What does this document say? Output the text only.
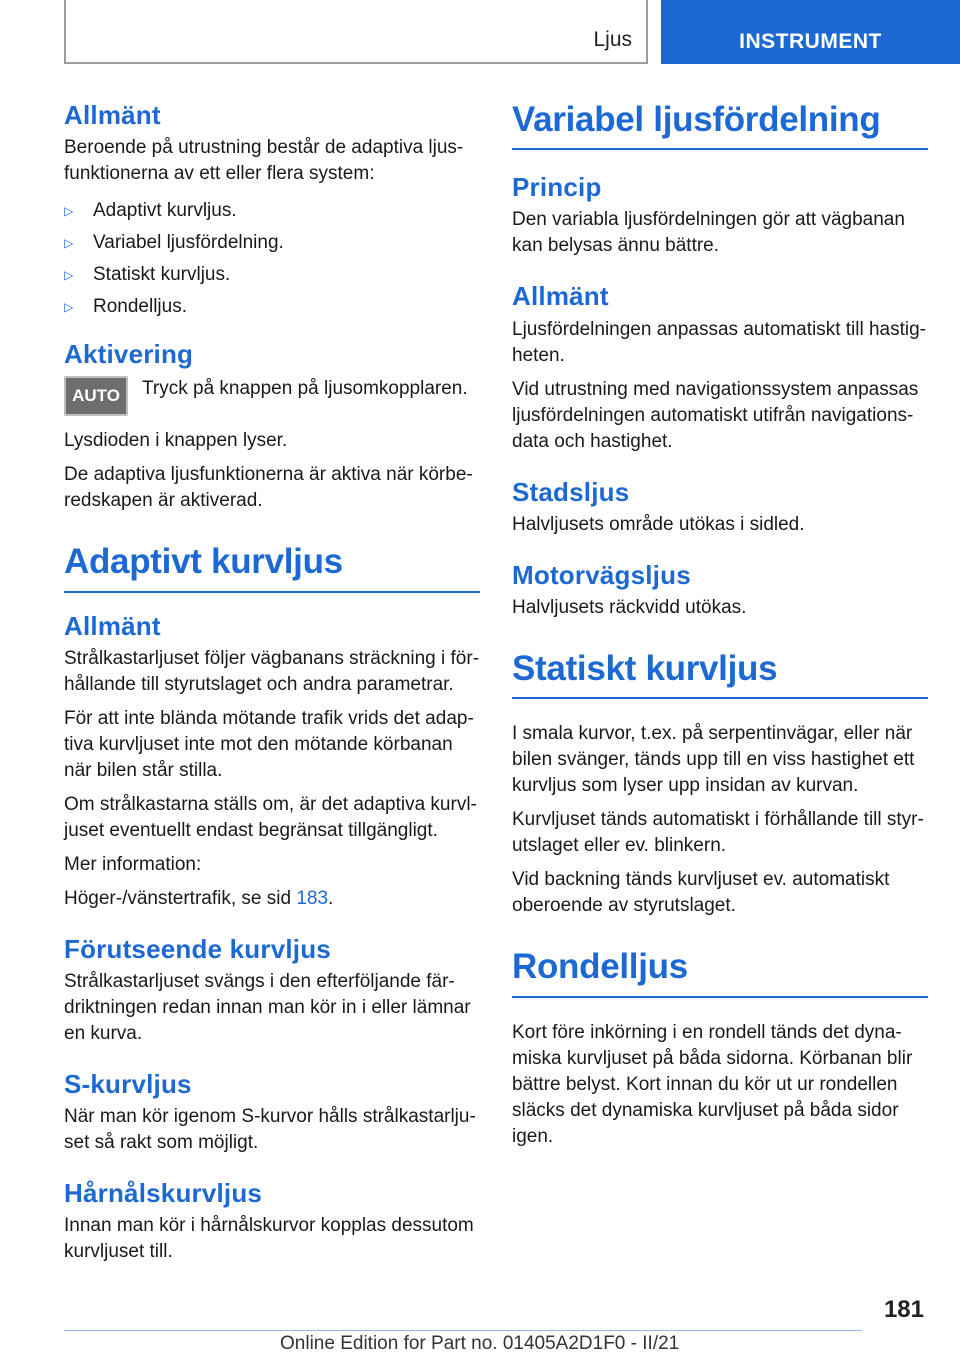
Ljus	INSTRUMENT
Allmänt

Beroende på utrustning består de adaptiva ljus-
funktionerna av ett eller flera system:

▷	Adaptivt kurvljus.
▷	Variabel ljusfördelning.
▷	Statiskt kurvljus.
▷	Rondelljus.
Aktivering
AUTO	Tryck på knappen på ljusomkopplaren.

Lysdioden i knappen lyser.

De adaptiva ljusfunktionerna är aktiva när körbe-
redskapen är aktiverad.

Adaptivt kurvljus
Allmänt

Strålkastarljuset följer vägbanans sträckning i för-
hållande till styrutslaget och andra parametrar.

För att inte blända mötande trafik vrids det adap-
tiva kurvljuset inte mot den mötande körbanan
när bilen står stilla.

Om strålkastarna ställs om, är det adaptiva kurvl-
juset eventuellt endast begränsat tillgängligt.

Mer information:

Höger-/vänstertrafik, se sid 183.

Förutseende kurvljus

Strålkastarljuset svängs i den efterföljande fär-
driktningen redan innan man kör in i eller lämnar
en kurva.

S-kurvljus

När man kör igenom S-kurvor hålls strålkastarlju-
set så rakt som möjligt.

Hårnålskurvljus

Innan man kör i hårnålskurvor kopplas dessutom
kurvljuset till.

Variabel ljusfördelning
Princip

Den variabla ljusfördelningen gör att vägbanan
kan belysas ännu bättre.

Allmänt

Ljusfördelningen anpassas automatiskt till hastig-
heten.

Vid utrustning med navigationssystem anpassas
ljusfördelningen automatiskt utifrån navigations-
data och hastighet.

Stadsljus

Halvljusets område utökas i sidled.

Motorvägsljus

Halvljusets räckvidd utökas.

Statiskt kurvljus

I smala kurvor, t.ex. på serpentinvägar, eller när
bilen svänger, tänds upp till en viss hastighet ett
kurvljus som lyser upp insidan av kurvan.

Kurvljuset tänds automatiskt i förhållande till styr-
utslaget eller ev. blinkern.

Vid backning tänds kurvljuset ev. automatiskt
oberoende av styrutslaget.

Rondelljus

Kort före inkörning i en rondell tänds det dyna-
miska kurvljuset på båda sidorna. Körbanan blir
bättre belyst. Kort innan du kör ut ur rondellen
släcks det dynamiska kurvljuset på båda sidor
igen.

181
Online Edition for Part no. 01405A2D1F0 - II/21
